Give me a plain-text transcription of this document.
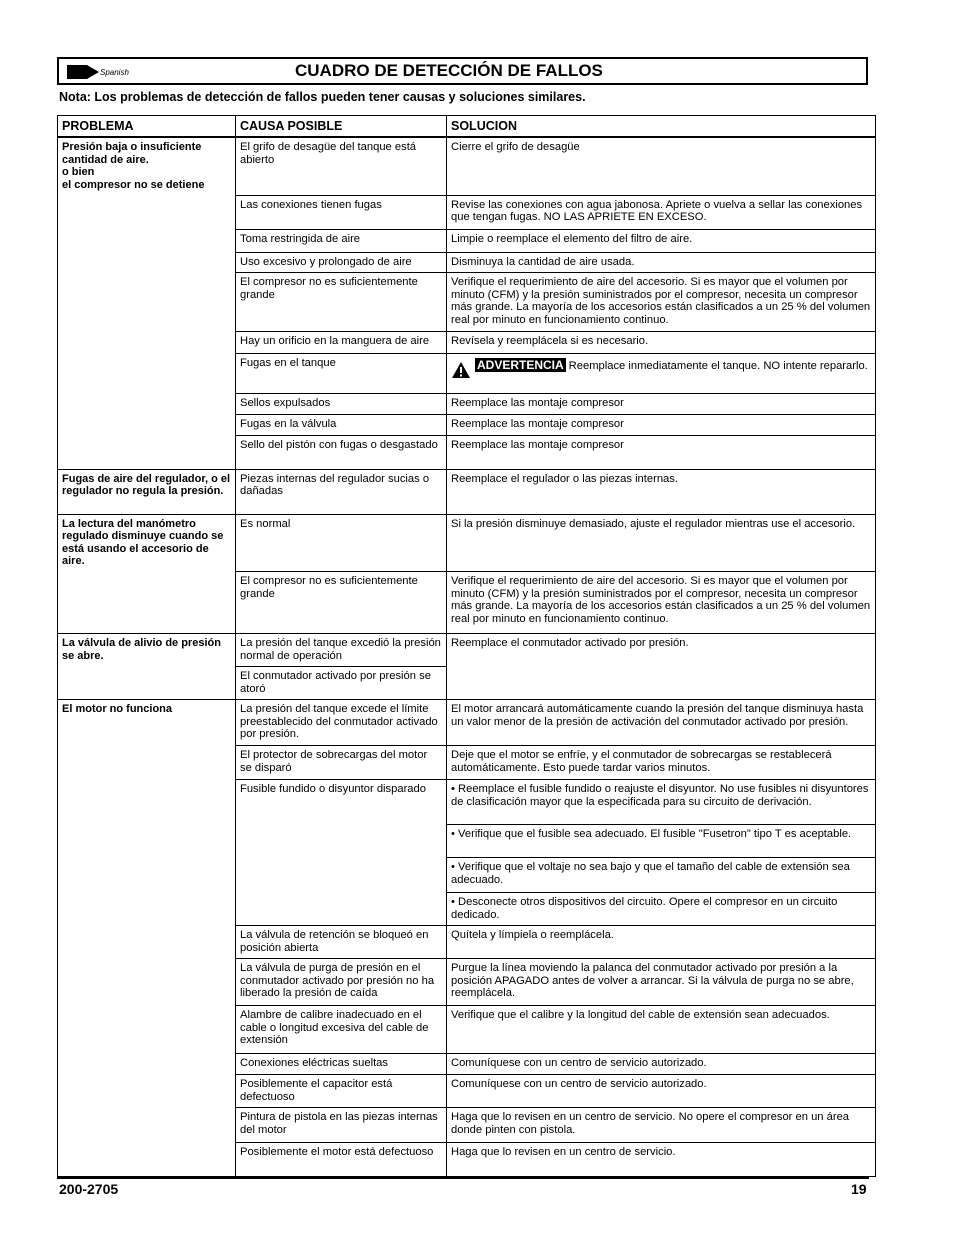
Spanish	CUADRO DE DETECCIÓN DE FALLOS
Nota: Los problemas de detección de fallos pueden tener causas y soluciones similares.
PROBLEMA	CAUSA POSIBLE	SOLUCION
Presión baja o insuficiente cantidad de aire.
o bien
el compresor no se detiene	El grifo de desagüe del tanque está abierto	Cierre el grifo de desagüe
	Las conexiones tienen fugas	Revise las conexiones con agua jabonosa. Apriete o vuelva a sellar las conexiones que tengan fugas. NO LAS APRIETE EN EXCESO.
	Toma restringida de aire	Limpie o reemplace el elemento del filtro de aire.
	Uso excesivo y prolongado de aire	Disminuya la cantidad de aire usada.
	El compresor no es suficientemente grande	Verifique el requerimiento de aire del accesorio. Si es mayor que el volumen por minuto (CFM) y la presión suministrados por el compresor, necesita un compresor más grande. La mayoría de los accesorios están clasificados a un 25 % del volumen real por minuto en funcionamiento continuo.
	Hay un orificio en la manguera de aire	Revísela y reemplácela si es necesario.
	Fugas en el tanque	ADVERTENCIA Reemplace inmediatamente el tanque. NO intente repararlo.

	Sellos expulsados	Reemplace las montaje compresor
	Fugas en la válvula	Reemplace las montaje compresor
	Sello del pistón con fugas o desgastado	Reemplace las montaje compresor
Fugas de aire del regulador, o el regulador no regula la presión.	Piezas internas del regulador sucias o dañadas	Reemplace el regulador o las piezas internas.
La lectura del manómetro regulado disminuye cuando se está usando el accesorio de aire.	Es normal	Si la presión disminuye demasiado, ajuste el regulador mientras use el accesorio.
	El compresor no es suficientemente grande	Verifique el requerimiento de aire del accesorio. Si es mayor que el volumen por minuto (CFM) y la presión suministrados por el compresor, necesita un compresor más grande. La mayoría de los accesorios están clasificados a un 25 % del volumen real por minuto en funcionamiento continuo.
La válvula de alivio de presión se abre.	La presión del tanque excedió la presión normal de operación	Reemplace el conmutador activado por presión.
	El conmutador activado por presión se atoró	
El motor no funciona	La presión del tanque excede el límite preestablecido del conmutador activado por presión.	El motor arrancará automáticamente cuando la presión del tanque disminuya hasta un valor menor de la presión de activación del conmutador activado por presión.
	El protector de sobrecargas del motor se disparó	Deje que el motor se enfríe, y el conmutador de sobrecargas se restablecerá automáticamente. Esto puede tardar varios minutos.
	Fusible fundido o disyuntor disparado	• Reemplace el fusible fundido o reajuste el disyuntor. No use fusibles ni disyuntores de clasificación mayor que la especificada para su circuito de derivación.
		• Verifique que el fusible sea adecuado. El fusible "Fusetron" tipo T es aceptable.
		• Verifique que el voltaje no sea bajo y que el tamaño del cable de extensión sea adecuado.
		• Desconecte otros dispositivos del circuito. Opere el compresor en un circuito dedicado.
	La válvula de retención se bloqueó en posición abierta	Quítela y límpiela o reemplácela.
	La válvula de purga de presión en el conmutador activado por presión no ha liberado la presión de caída	Purgue la línea moviendo la palanca del conmutador activado por presión a la posición APAGADO antes de volver a arrancar. Si la válvula de purga no se abre, reemplácela.
	Alambre de calibre inadecuado en el cable o longitud excesiva del cable de extensión	Verifique que el calibre y la longitud del cable de extensión sean adecuados.
	Conexiones eléctricas sueltas	Comuníquese con un centro de servicio autorizado.
	Posiblemente el capacitor está defectuoso	Comuníquese con un centro de servicio autorizado.
	Pintura de pistola en las piezas internas del motor	Haga que lo revisen en un centro de servicio. No opere el compresor en un área donde pinten con pistola.
	Posiblemente el motor está defectuoso	Haga que lo revisen en un centro de servicio.
200-2705	19
